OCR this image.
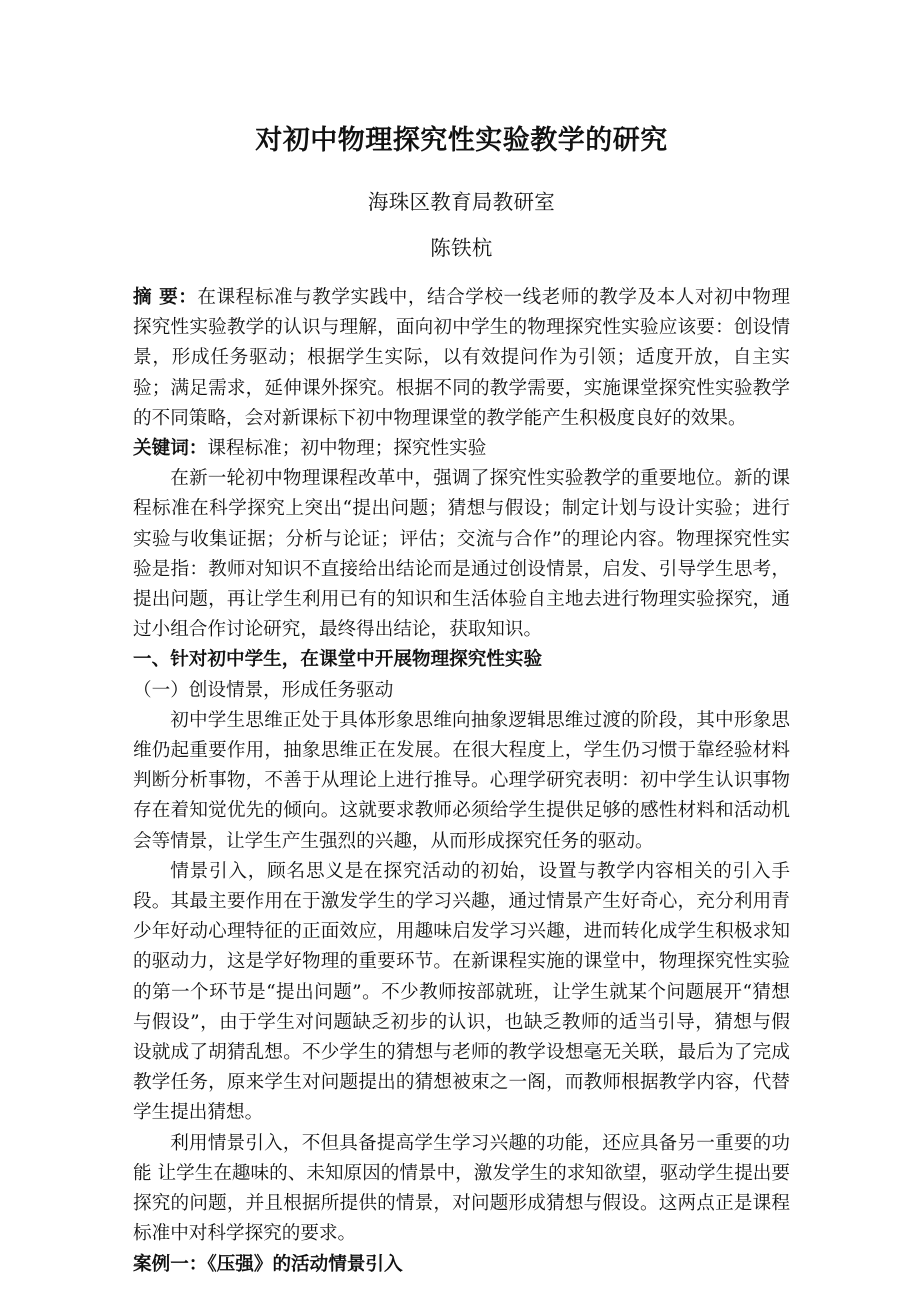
对初中物理探究性实验教学的研究

海珠区教育局教研室

陈铁杭

摘 要：在课程标准与教学实践中，结合学校一线老师的教学及本人对初中物理探究性实验教学的认识与理解，面向初中学生的物理探究性实验应该要：创设情景，形成任务驱动；根据学生实际，以有效提问作为引领；适度开放，自主实验；满足需求，延伸课外探究。根据不同的教学需要，实施课堂探究性实验教学的不同策略，会对新课标下初中物理课堂的教学能产生积极度良好的效果。

关键词：课程标准；初中物理；探究性实验

在新一轮初中物理课程改革中，强调了探究性实验教学的重要地位。新的课程标准在科学探究上突出“提出问题；猜想与假设；制定计划与设计实验；进行实验与收集证据；分析与论证；评估；交流与合作”的理论内容。物理探究性实验是指：教师对知识不直接给出结论而是通过创设情景，启发、引导学生思考，提出问题，再让学生利用已有的知识和生活体验自主地去进行物理实验探究，通过小组合作讨论研究，最终得出结论，获取知识。

一、针对初中学生，在课堂中开展物理探究性实验

（一）创设情景，形成任务驱动

初中学生思维正处于具体形象思维向抽象逻辑思维过渡的阶段，其中形象思维仍起重要作用，抽象思维正在发展。在很大程度上，学生仍习惯于靠经验材料判断分析事物，不善于从理论上进行推导。心理学研究表明：初中学生认识事物存在着知觉优先的倾向。这就要求教师必须给学生提供足够的感性材料和活动机会等情景，让学生产生强烈的兴趣，从而形成探究任务的驱动。

情景引入，顾名思义是在探究活动的初始，设置与教学内容相关的引入手段。其最主要作用在于激发学生的学习兴趣，通过情景产生好奇心，充分利用青少年好动心理特征的正面效应，用趣味启发学习兴趣，进而转化成学生积极求知的驱动力，这是学好物理的重要环节。在新课程实施的课堂中，物理探究性实验的第一个环节是“提出问题”。不少教师按部就班，让学生就某个问题展开“猜想与假设”，由于学生对问题缺乏初步的认识，也缺乏教师的适当引导，猜想与假设就成了胡猜乱想。不少学生的猜想与老师的教学设想毫无关联，最后为了完成教学任务，原来学生对问题提出的猜想被束之一阁，而教师根据教学内容，代替学生提出猜想。

利用情景引入，不但具备提高学生学习兴趣的功能，还应具备另一重要的功能 让学生在趣味的、未知原因的情景中，激发学生的求知欲望，驱动学生提出要探究的问题，并且根据所提供的情景，对问题形成猜想与假设。这两点正是课程标准中对科学探究的要求。

案例一：《压强》的活动情景引入
